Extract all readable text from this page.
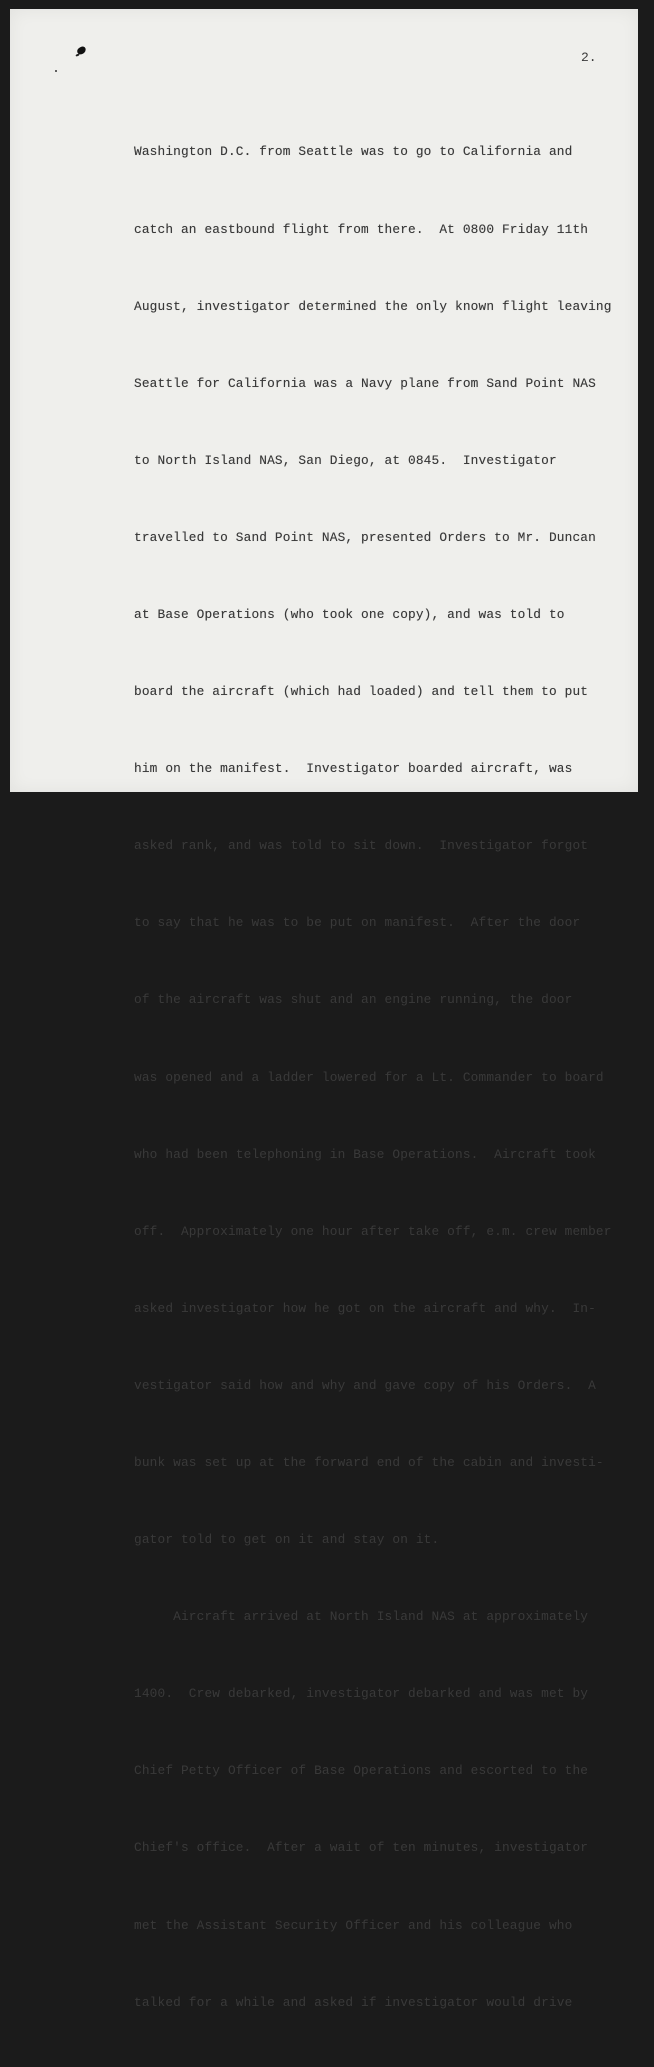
2.

Washington D.C. from Seattle was to go to California and

catch an eastbound flight from there.  At 0800 Friday 11th

August, investigator determined the only known flight leaving

Seattle for California was a Navy plane from Sand Point NAS

to North Island NAS, San Diego, at 0845.  Investigator

travelled to Sand Point NAS, presented Orders to Mr. Duncan

at Base Operations (who took one copy), and was told to

board the aircraft (which had loaded) and tell them to put

him on the manifest.  Investigator boarded aircraft, was

asked rank, and was told to sit down.  Investigator forgot

to say that he was to be put on manifest.  After the door

of the aircraft was shut and an engine running, the door

was opened and a ladder lowered for a Lt. Commander to board

who had been telephoning in Base Operations.  Aircraft took

off.  Approximately one hour after take off, e.m. crew member

asked investigator how he got on the aircraft and why.  In-

vestigator said how and why and gave copy of his Orders.  A

bunk was set up at the forward end of the cabin and investi-

gator told to get on it and stay on it.

Aircraft arrived at North Island NAS at approximately

1400.  Crew debarked, investigator debarked and was met by

Chief Petty Officer of Base Operations and escorted to the

Chief's office.  After a wait of ten minutes, investigator

met the Assistant Security Officer and his colleague who

talked for a while and asked if investigator would drive
